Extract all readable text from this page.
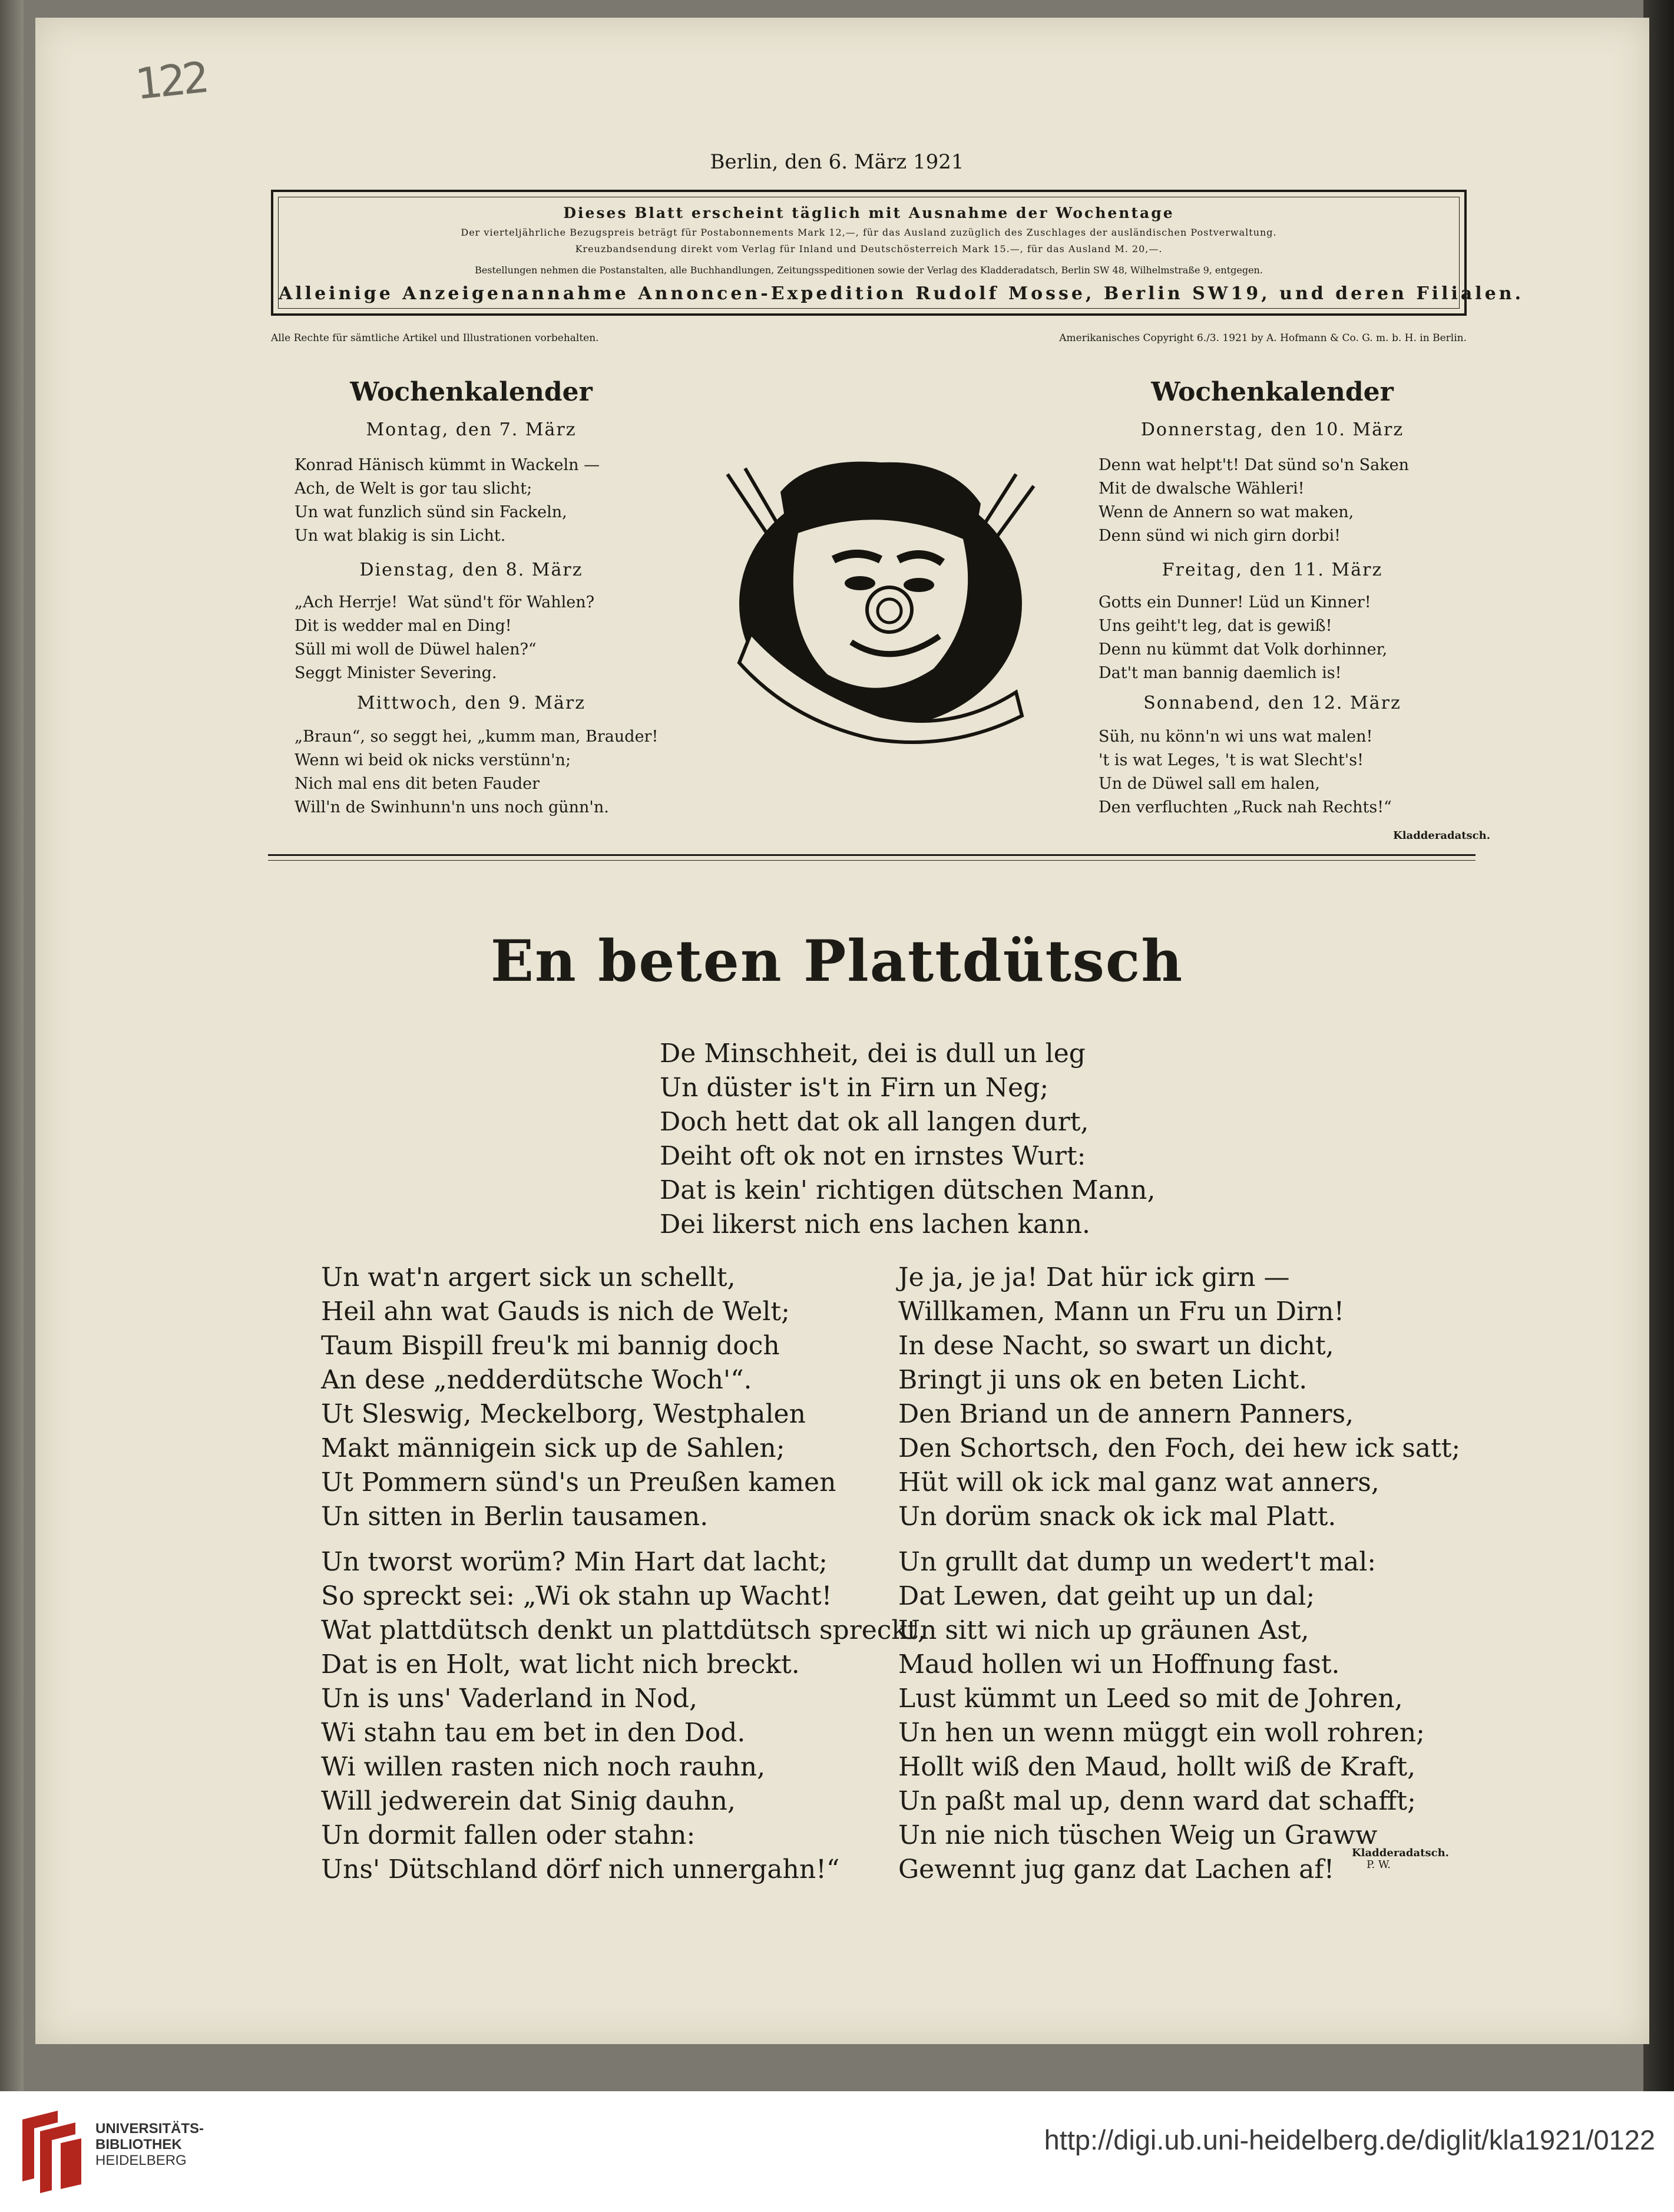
122
Berlin, den 6. März 1921
Dieses Blatt erscheint täglich mit Ausnahme der Wochentage
Der vierteljährliche Bezugspreis beträgt für Postabonnements Mark 12,—, für das Ausland zuzüglich des Zuschlages der ausländischen Postverwaltung.
Kreuzbandsendung direkt vom Verlag für Inland und Deutschösterreich Mark 15.—, für das Ausland M. 20,—.
Bestellungen nehmen die Postanstalten, alle Buchhandlungen, Zeitungsspeditionen sowie der Verlag des Kladderadatsch, Berlin SW 48, Wilhelmstraße 9, entgegen.
Alleinige Anzeigenannahme Annoncen-Expedition Rudolf Mosse, Berlin SW19, und deren Filialen.
Alle Rechte für sämtliche Artikel und Illustrationen vorbehalten.	Amerikanisches Copyright 6./3. 1921 by A. Hofmann & Co. G. m. b. H. in Berlin.
Wochenkalender
Montag, den 7. März
Konrad Hänisch kümmt in Wackeln —
Ach, de Welt is gor tau slicht;
Un wat funzlich sünd sin Fackeln,
Un wat blakig is sin Licht.
Dienstag, den 8. März
„Ach Herrje!  Wat sünd't för Wahlen?
Dit is wedder mal en Ding!
Süll mi woll de Düwel halen?“
Seggt Minister Severing.
Mittwoch, den 9. März
„Braun“, so seggt hei, „kumm man, Brauder!
Wenn wi beid ok nicks verstünn'n;
Nich mal ens dit beten Fauder
Will'n de Swinhunn'n uns noch günn'n.
Wochenkalender
Donnerstag, den 10. März
Denn wat helpt't! Dat sünd so'n Saken
Mit de dwalsche Wähleri!
Wenn de Annern so wat maken,
Denn sünd wi nich girn dorbi!
Freitag, den 11. März
Gotts ein Dunner! Lüd un Kinner!
Uns geiht't leg, dat is gewiß!
Denn nu kümmt dat Volk dorhinner,
Dat't man bannig daemlich is!
Sonnabend, den 12. März
Süh, nu könn'n wi uns wat malen!
't is wat Leges, 't is wat Slecht's!
Un de Düwel sall em halen,
Den verfluchten „Ruck nah Rechts!“
Kladderadatsch.
En beten Plattdütsch
De Minschheit, dei is dull un leg
Un düster is't in Firn un Neg;
Doch hett dat ok all langen durt,
Deiht oft ok not en irnstes Wurt:
Dat is kein' richtigen dütschen Mann,
Dei likerst nich ens lachen kann.
Un wat'n argert sick un schellt,
Heil ahn wat Gauds is nich de Welt;
Taum Bispill freu'k mi bannig doch
An dese „nedderdütsche Woch'“.
Ut Sleswig, Meckelborg, Westphalen
Makt männigein sick up de Sahlen;
Ut Pommern sünd's un Preußen kamen
Un sitten in Berlin tausamen.
Un tworst worüm? Min Hart dat lacht;
So spreckt sei: „Wi ok stahn up Wacht!
Wat plattdütsch denkt un plattdütsch spreckt,
Dat is en Holt, wat licht nich breckt.
Un is uns' Vaderland in Nod,
Wi stahn tau em bet in den Dod.
Wi willen rasten nich noch rauhn,
Will jedwerein dat Sinig dauhn,
Un dormit fallen oder stahn:
Uns' Dütschland dörf nich unnergahn!“
Je ja, je ja! Dat hür ick girn —
Willkamen, Mann un Fru un Dirn!
In dese Nacht, so swart un dicht,
Bringt ji uns ok en beten Licht.
Den Briand un de annern Panners,
Den Schortsch, den Foch, dei hew ick satt;
Hüt will ok ick mal ganz wat anners,
Un dorüm snack ok ick mal Platt.
Un grullt dat dump un wedert't mal:
Dat Lewen, dat geiht up un dal;
Un sitt wi nich up gräunen Ast,
Maud hollen wi un Hoffnung fast.
Lust kümmt un Leed so mit de Johren,
Un hen un wenn müggt ein woll rohren;
Hollt wiß den Maud, hollt wiß de Kraft,
Un paßt mal up, denn ward dat schafft;
Un nie nich tüschen Weig un Graww
Gewennt jug ganz dat Lachen af!
Kladderadatsch.
P. W.
UNIVERSITÄTS-
BIBLIOTHEK
HEIDELBERG
http://digi.ub.uni-heidelberg.de/diglit/kla1921/0122
